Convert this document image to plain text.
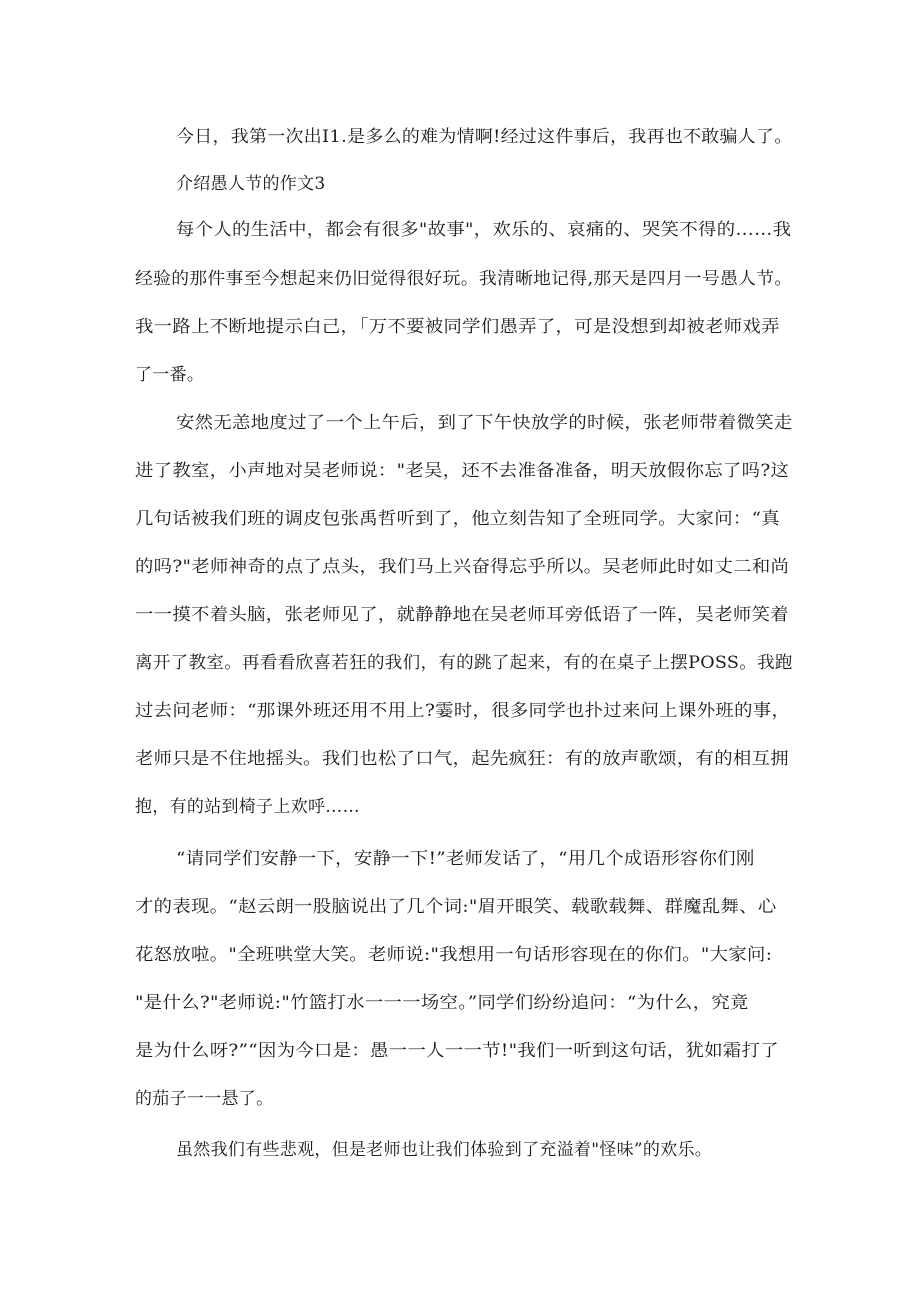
今日，我第一次出I1.是多么的难为情啊!经过这件事后，我再也不敢骗人了。
介绍愚人节的作文3
每个人的生活中，都会有很多"故事"，欢乐的、哀痛的、哭笑不得的……我
经验的那件事至今想起来仍旧觉得很好玩。我清晰地记得,那天是四月一号愚人节。
我一路上不断地提示白己，「万不要被同学们愚弄了，可是没想到却被老师戏弄
了一番。
安然无恙地度过了一个上午后，到了下午快放学的时候，张老师带着微笑走
进了教室，小声地对吴老师说："老吴，还不去准备准备，明天放假你忘了吗?这
几句话被我们班的调皮包张禹哲听到了，他立刻告知了全班同学。大家问：“真
的吗?"老师神奇的点了点头，我们马上兴奋得忘乎所以。吴老师此时如丈二和尚
一一摸不着头脑，张老师见了，就静静地在吴老师耳旁低语了一阵，吴老师笑着
离开了教室。再看看欣喜若狂的我们，有的跳了起来，有的在桌子上摆POSS。我跑
过去问老师：“那课外班还用不用上?霎时，很多同学也扑过来问上课外班的事，
老师只是不住地摇头。我们也松了口气，起先疯狂：有的放声歌颂，有的相互拥
抱，有的站到椅子上欢呼……
“请同学们安静一下，安静一下!”老师发话了，“用几个成语形容你们刚
才的表现。“赵云朗一股脑说出了几个词:"眉开眼笑、载歌载舞、群魔乱舞、心
花怒放啦。"全班哄堂大笑。老师说:"我想用一句话形容现在的你们。"大家问:
"是什么?"老师说:"竹篮打水一一一场空。”同学们纷纷追问：“为什么，究竟
是为什么呀?”“因为今口是：愚一一人一一节!"我们一听到这句话，犹如霜打了
的茄子一一悬了。
虽然我们有些悲观，但是老师也让我们体验到了充溢着"怪味”的欢乐。
